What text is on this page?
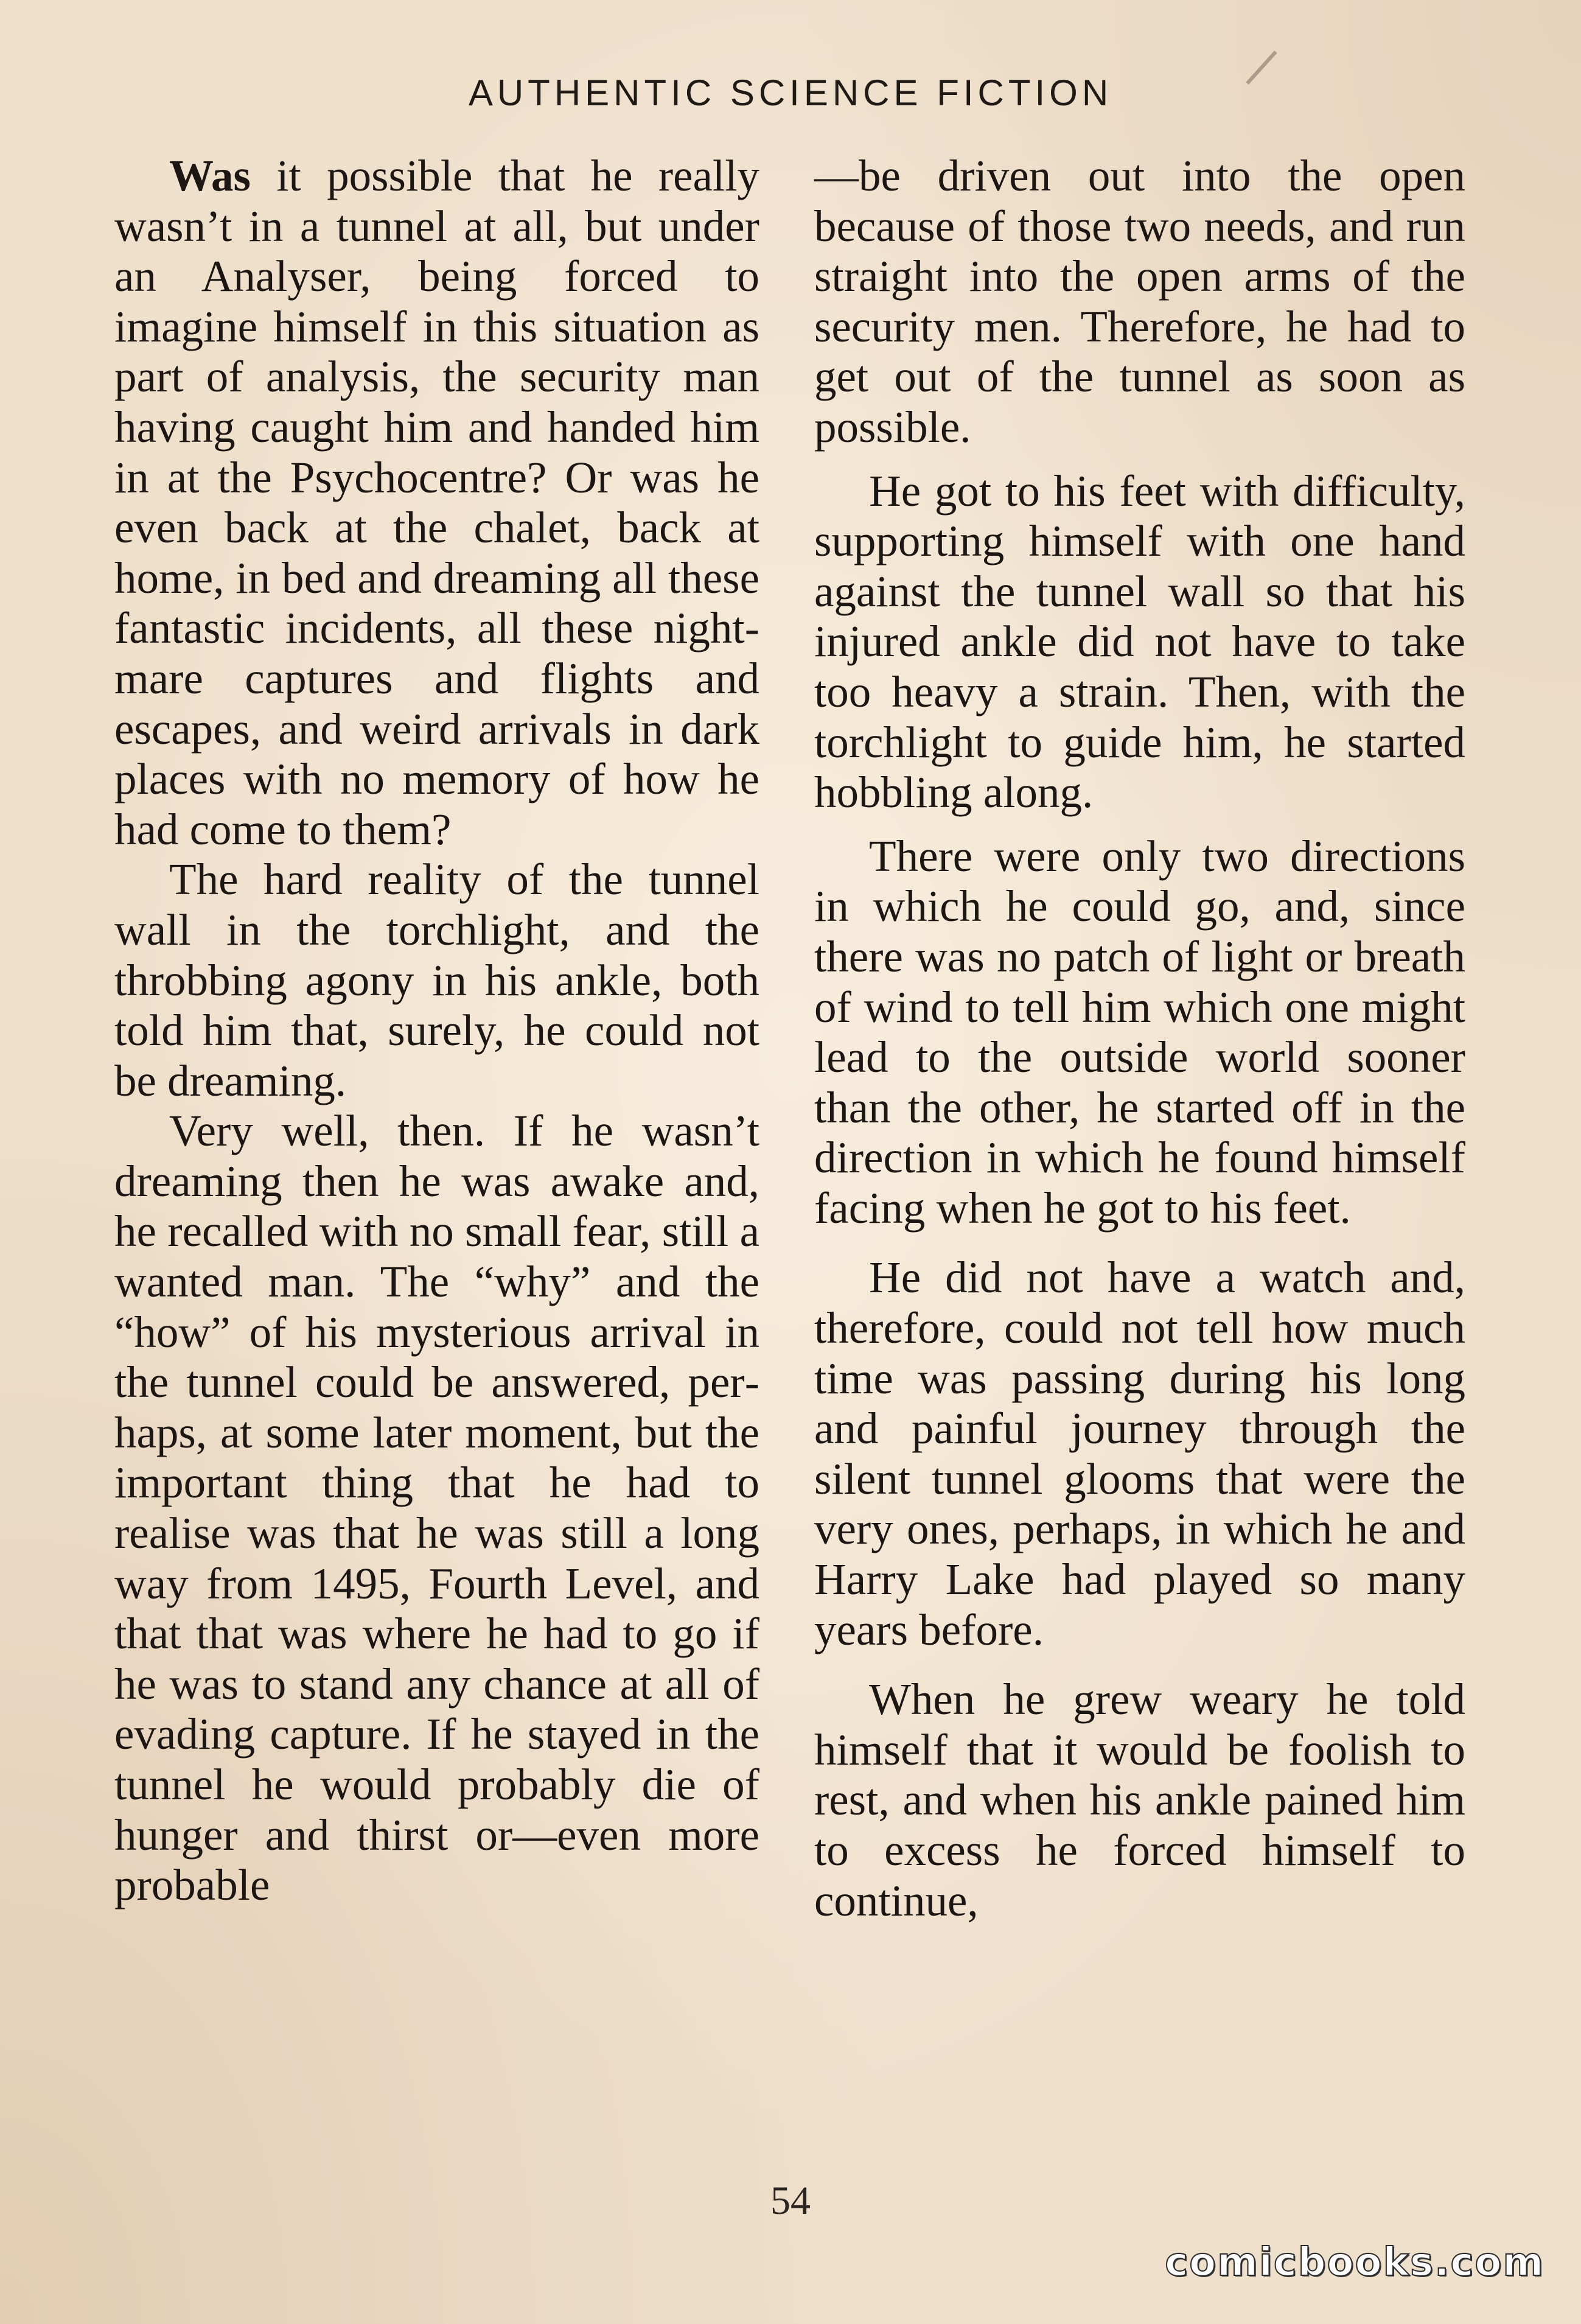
AUTHENTIC SCIENCE FICTION

Was it possible that he really wasn’t in a tunnel at all, but under an Analyser, being forced to imagine himself in this situation as part of analysis, the security man having caught him and handed him in at the Psychocentre? Or was he even back at the chalet, back at home, in bed and dreaming all these fantastic incidents, all these nightmare captures and flights and escapes, and weird arrivals in dark places with no memory of how he had come to them?

The hard reality of the tunnel wall in the torchlight, and the throbbing agony in his ankle, both told him that, surely, he could not be dreaming.

Very well, then. If he wasn’t dreaming then he was awake and, he recalled with no small fear, still a wanted man. The “why” and the “how” of his mysterious arrival in the tunnel could be answered, perhaps, at some later moment, but the important thing that he had to realise was that he was still a long way from 1495, Fourth Level, and that that was where he had to go if he was to stand any chance at all of evading capture. If he stayed in the tunnel he would probably die of hunger and thirst or—even more probable

—be driven out into the open because of those two needs, and run straight into the open arms of the security men. Therefore, he had to get out of the tunnel as soon as possible.

He got to his feet with difficulty, supporting himself with one hand against the tunnel wall so that his injured ankle did not have to take too heavy a strain. Then, with the torchlight to guide him, he started hobbling along.

There were only two directions in which he could go, and, since there was no patch of light or breath of wind to tell him which one might lead to the outside world sooner than the other, he started off in the direction in which he found himself facing when he got to his feet.

He did not have a watch and, therefore, could not tell how much time was passing during his long and painful journey through the silent tunnel glooms that were the very ones, perhaps, in which he and Harry Lake had played so many years before.

When he grew weary he told himself that it would be foolish to rest, and when his ankle pained him to excess he forced himself to continue,

54
comicbooks.com
